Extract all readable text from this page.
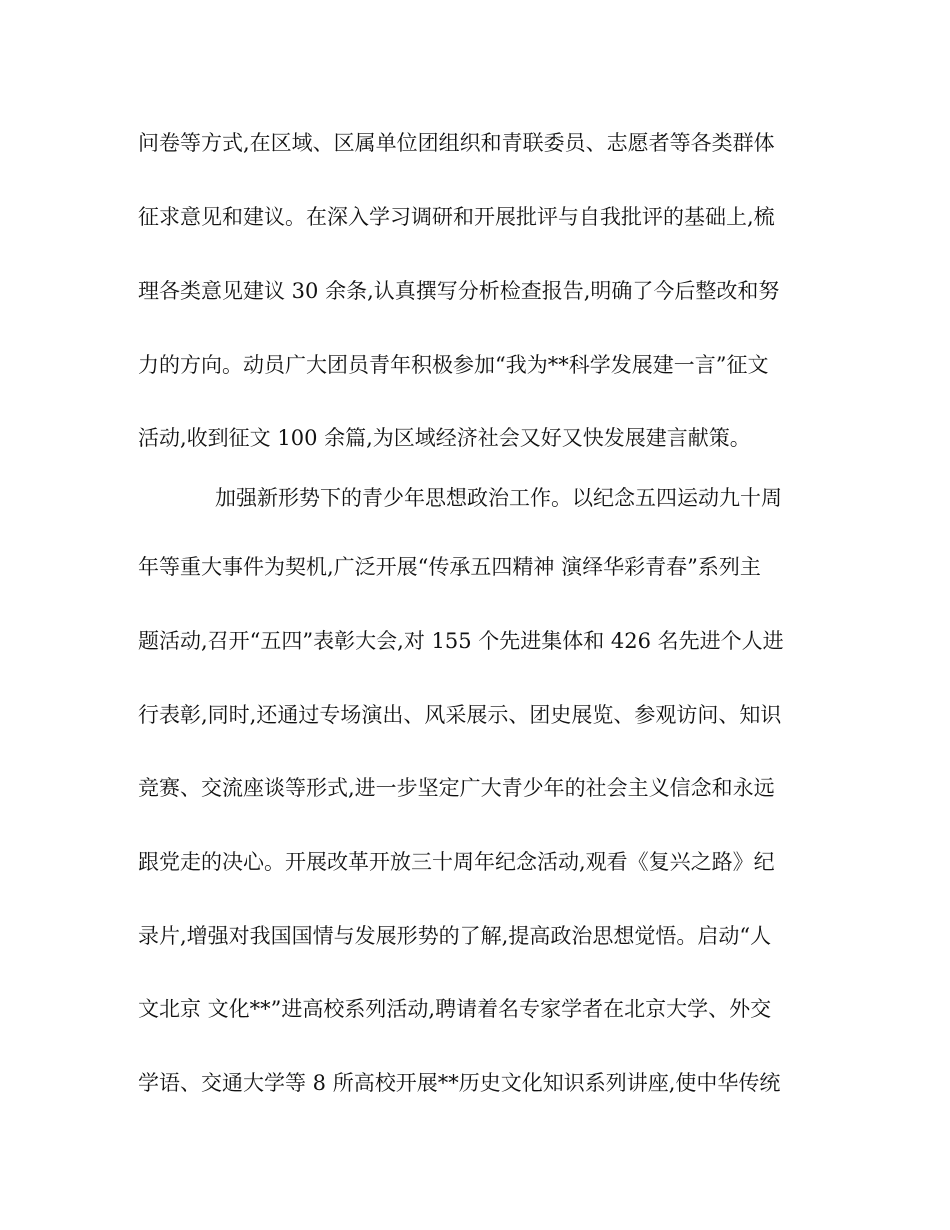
问卷等方式,在区域、区属单位团组织和青联委员、志愿者等各类群体
征求意见和建议。在深入学习调研和开展批评与自我批评的基础上,梳
理各类意见建议 30 余条,认真撰写分析检查报告,明确了今后整改和努
力的方向。动员广大团员青年积极参加“我为**科学发展建一言”征文
活动,收到征文 100 余篇,为区域经济社会又好又快发展建言献策。
加强新形势下的青少年思想政治工作。以纪念五四运动九十周
年等重大事件为契机,广泛开展“传承五四精神 演绎华彩青春”系列主
题活动,召开“五四”表彰大会,对 155 个先进集体和 426 名先进个人进
行表彰,同时,还通过专场演出、风采展示、团史展览、参观访问、知识
竞赛、交流座谈等形式,进一步坚定广大青少年的社会主义信念和永远
跟党走的决心。开展改革开放三十周年纪念活动,观看《复兴之路》纪
录片,增强对我国国情与发展形势的了解,提高政治思想觉悟。启动“人
文北京 文化**”进高校系列活动,聘请着名专家学者在北京大学、外交
学语、交通大学等 8 所高校开展**历史文化知识系列讲座,使中华传统
